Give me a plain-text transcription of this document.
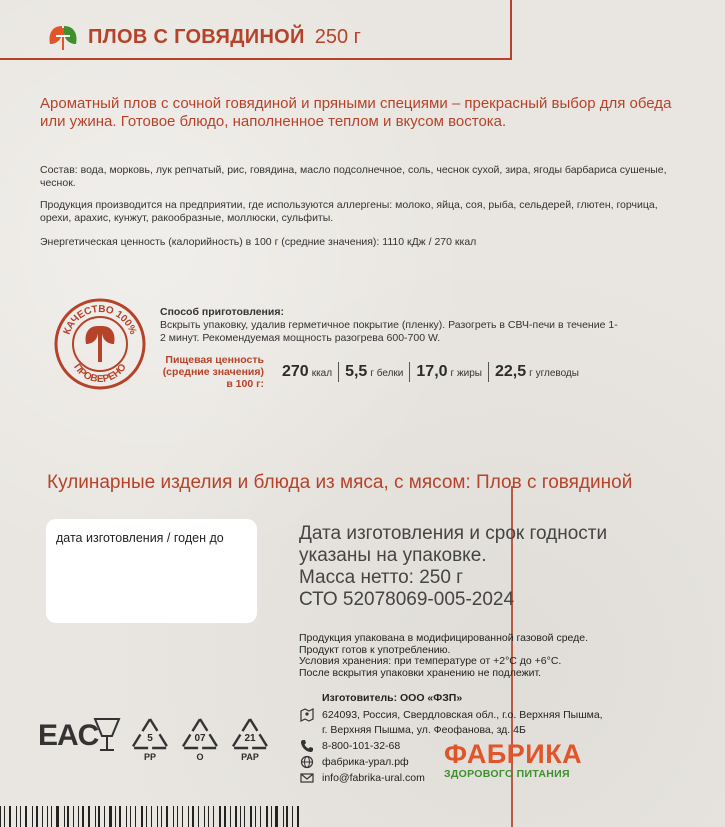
ПЛОВ С ГОВЯДИНОЙ 250 г
Ароматный плов с сочной говядиной и пряными специями – прекрасный выбор для обеда или ужина. Готовое блюдо, наполненное теплом и вкусом востока.
Состав: вода, морковь, лук репчатый, рис, говядина, масло подсолнечное, соль, чеснок сухой, зира, ягоды барбариса сушеные, чеснок.
Продукция производится на предприятии, где используются аллергены: молоко, яйца, соя, рыба, сельдерей, глютен, горчица, орехи, арахис, кунжут, ракообразные, моллюски, сульфиты.
Энергетическая ценность (калорийность) в 100 г (средние значения): 1110 кДж / 270 ккал
КАЧЕСТВО 100%
ПРОВЕРЕНО
Способ приготовления:
Вскрыть упаковку, удалив герметичное покрытие (пленку). Разогреть в СВЧ-печи в течение 1-2 минут. Рекомендуемая мощность разогрева 600-700 W.
Пищевая ценность
(средние значения)
в 100 г:
270 ккал 5,5 г белки 17,0 г жиры 22,5 г углеводы
Кулинарные изделия и блюда из мяса, с мясом: Плов с говядиной
дата изготовления / годен до	Дата изготовления и срок годности
указаны на упаковке.
Масса нетто: 250 г
СТО 52078069-005-2024
Продукция упакована в модифицированной газовой среде.
Продукт готов к употреблению.
Условия хранения: при температуре от +2°С до +6°С.
После вскрытия упаковки хранению не подлежит.
Изготовитель: ООО «ФЗП»
624093, Россия, Свердловская обл., г.о. Верхняя Пышма,
г. Верхняя Пышма, ул. Феофанова, зд. 4Б
8-800-101-32-68
фабрика-урал.рф
info@fabrika-ural.com
EAC	5
PP
07
O
21
PAP	ФАБРИКА
ЗДОРОВОГО ПИТАНИЯ
